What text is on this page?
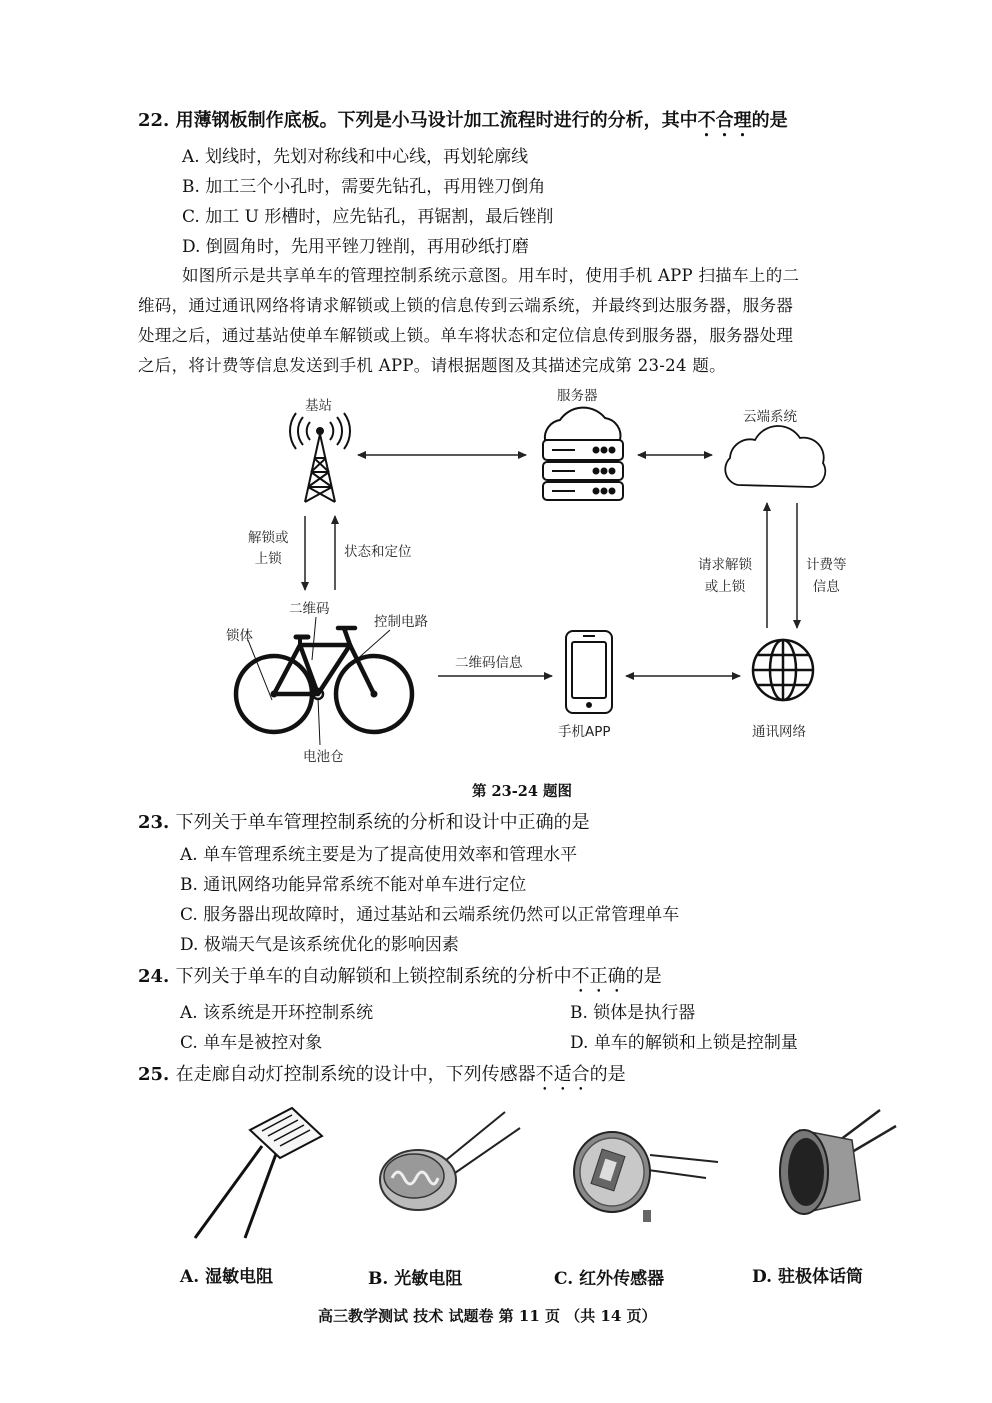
22. 用薄钢板制作底板。下列是小马设计加工流程时进行的分析，其中不合理的是
A. 划线时，先划对称线和中心线，再划轮廓线
B. 加工三个小孔时，需要先钻孔，再用锉刀倒角
C. 加工 U 形槽时，应先钻孔，再锯割，最后锉削
D. 倒圆角时，先用平锉刀锉削，再用砂纸打磨
如图所示是共享单车的管理控制系统示意图。用车时，使用手机 APP 扫描车上的二
维码，通过通讯网络将请求解锁或上锁的信息传到云端系统，并最终到达服务器，服务器
处理之后，通过基站使单车解锁或上锁。单车将状态和定位信息传到服务器，服务器处理
之后，将计费等信息发送到手机 APP。请根据题图及其描述完成第 23-24 题。
基站
服务器
云端系统
解锁或
上锁	状态和定位
请求解锁
或上锁
计费等
信息
二维码
控制电路
锁体
二维码信息
手机APP	通讯网络
电池仓
第 23-24 题图
23. 下列关于单车管理控制系统的分析和设计中正确的是
A. 单车管理系统主要是为了提高使用效率和管理水平
B. 通讯网络功能异常系统不能对单车进行定位
C. 服务器出现故障时，通过基站和云端系统仍然可以正常管理单车
D. 极端天气是该系统优化的影响因素
24. 下列关于单车的自动解锁和上锁控制系统的分析中不正确的是
A. 该系统是开环控制系统	B. 锁体是执行器
C. 单车是被控对象	D. 单车的解锁和上锁是控制量
25. 在走廊自动灯控制系统的设计中，下列传感器不适合的是
A. 湿敏电阻	B. 光敏电阻	C. 红外传感器	D. 驻极体话筒
高三教学测试 技术 试题卷 第 11 页 （共 14 页）
